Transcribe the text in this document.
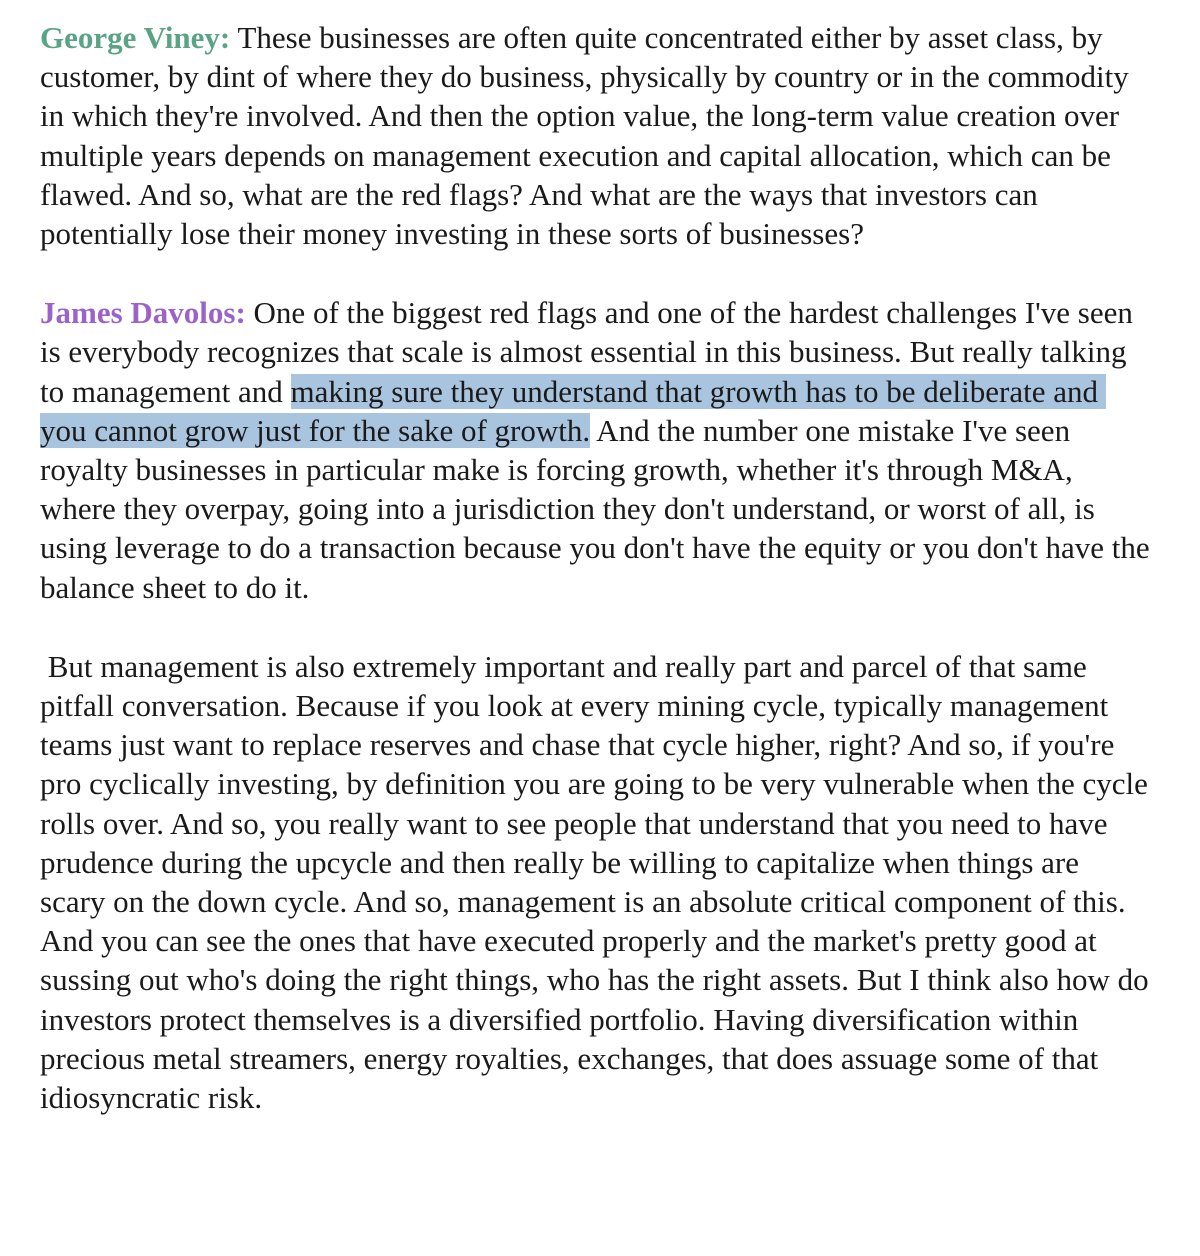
George Viney: These businesses are often quite concentrated either by asset class, by customer, by dint of where they do business, physically by country or in the commodity in which they're involved. And then the option value, the long-term value creation over multiple years depends on management execution and capital allocation, which can be flawed. And so, what are the red flags? And what are the ways that investors can potentially lose their money investing in these sorts of businesses?

James Davolos: One of the biggest red flags and one of the hardest challenges I've seen is everybody recognizes that scale is almost essential in this business. But really talking to management and making sure they understand that growth has to be deliberate and you cannot grow just for the sake of growth. And the number one mistake I've seen royalty businesses in particular make is forcing growth, whether it's through M&A, where they overpay, going into a jurisdiction they don't understand, or worst of all, is using leverage to do a transaction because you don't have the equity or you don't have the balance sheet to do it.

But management is also extremely important and really part and parcel of that same pitfall conversation. Because if you look at every mining cycle, typically management teams just want to replace reserves and chase that cycle higher, right? And so, if you're pro cyclically investing, by definition you are going to be very vulnerable when the cycle rolls over. And so, you really want to see people that understand that you need to have prudence during the upcycle and then really be willing to capitalize when things are scary on the down cycle. And so, management is an absolute critical component of this. And you can see the ones that have executed properly and the market's pretty good at sussing out who's doing the right things, who has the right assets. But I think also how do investors protect themselves is a diversified portfolio. Having diversification within precious metal streamers, energy royalties, exchanges, that does assuage some of that idiosyncratic risk.
